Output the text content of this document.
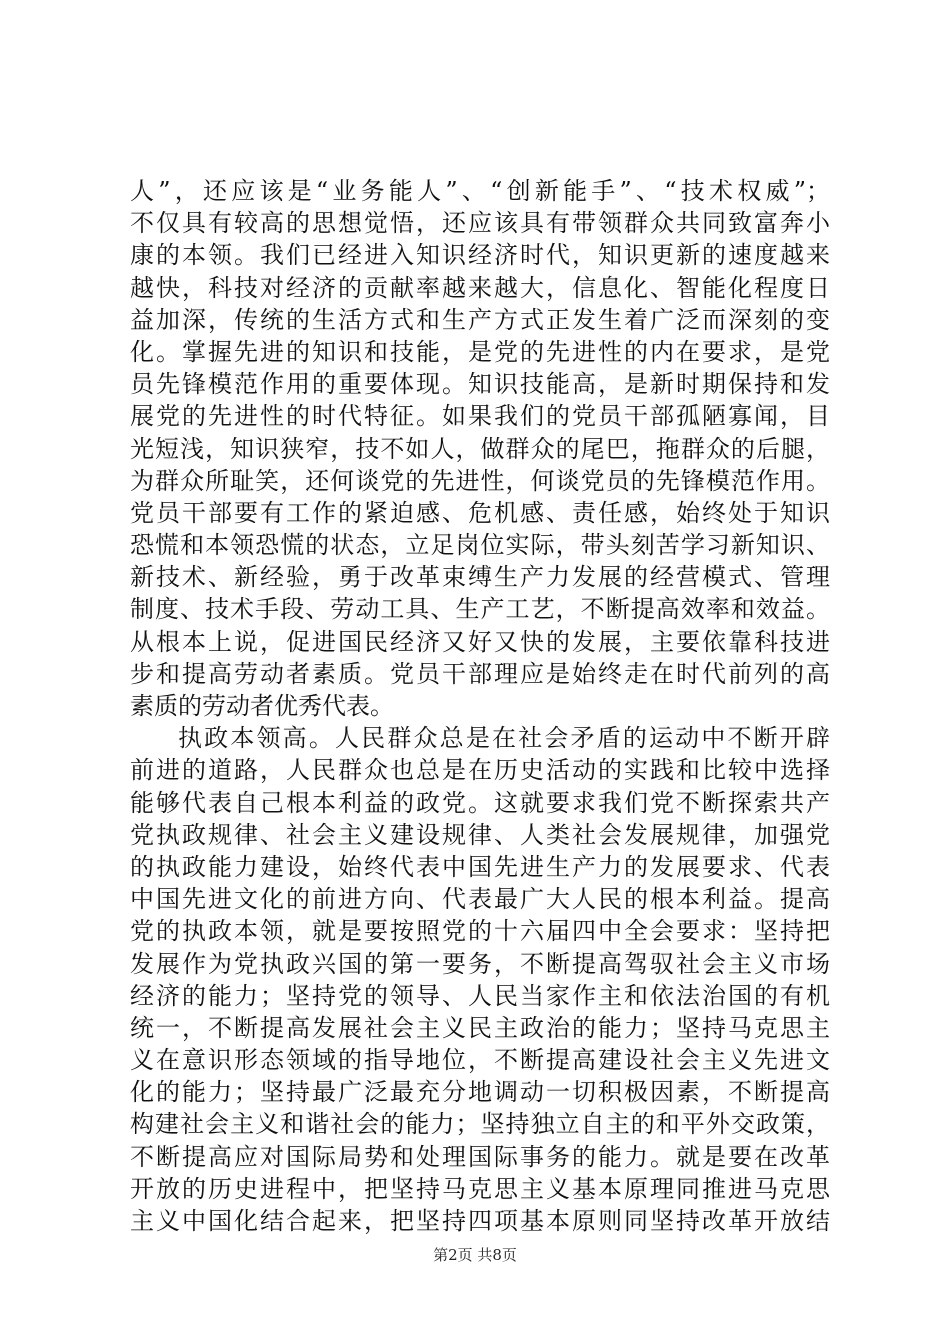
人”，还应该是“业务能人”、“创新能手”、“技术权威”；
不仅具有较高的思想觉悟，还应该具有带领群众共同致富奔小
康的本领。我们已经进入知识经济时代，知识更新的速度越来
越快，科技对经济的贡献率越来越大，信息化、智能化程度日
益加深，传统的生活方式和生产方式正发生着广泛而深刻的变
化。掌握先进的知识和技能，是党的先进性的内在要求，是党
员先锋模范作用的重要体现。知识技能高，是新时期保持和发
展党的先进性的时代特征。如果我们的党员干部孤陋寡闻，目
光短浅，知识狭窄，技不如人，做群众的尾巴，拖群众的后腿，
为群众所耻笑，还何谈党的先进性，何谈党员的先锋模范作用。
党员干部要有工作的紧迫感、危机感、责任感，始终处于知识
恐慌和本领恐慌的状态，立足岗位实际，带头刻苦学习新知识、
新技术、新经验，勇于改革束缚生产力发展的经营模式、管理
制度、技术手段、劳动工具、生产工艺，不断提高效率和效益。
从根本上说，促进国民经济又好又快的发展，主要依靠科技进
步和提高劳动者素质。党员干部理应是始终走在时代前列的高
素质的劳动者优秀代表。
执政本领高。人民群众总是在社会矛盾的运动中不断开辟
前进的道路，人民群众也总是在历史活动的实践和比较中选择
能够代表自己根本利益的政党。这就要求我们党不断探索共产
党执政规律、社会主义建设规律、人类社会发展规律，加强党
的执政能力建设，始终代表中国先进生产力的发展要求、代表
中国先进文化的前进方向、代表最广大人民的根本利益。提高
党的执政本领，就是要按照党的十六届四中全会要求：坚持把
发展作为党执政兴国的第一要务，不断提高驾驭社会主义市场
经济的能力；坚持党的领导、人民当家作主和依法治国的有机
统一，不断提高发展社会主义民主政治的能力；坚持马克思主
义在意识形态领域的指导地位，不断提高建设社会主义先进文
化的能力；坚持最广泛最充分地调动一切积极因素，不断提高
构建社会主义和谐社会的能力；坚持独立自主的和平外交政策，
不断提高应对国际局势和处理国际事务的能力。就是要在改革
开放的历史进程中，把坚持马克思主义基本原理同推进马克思
主义中国化结合起来，把坚持四项基本原则同坚持改革开放结
第2页 共8页
